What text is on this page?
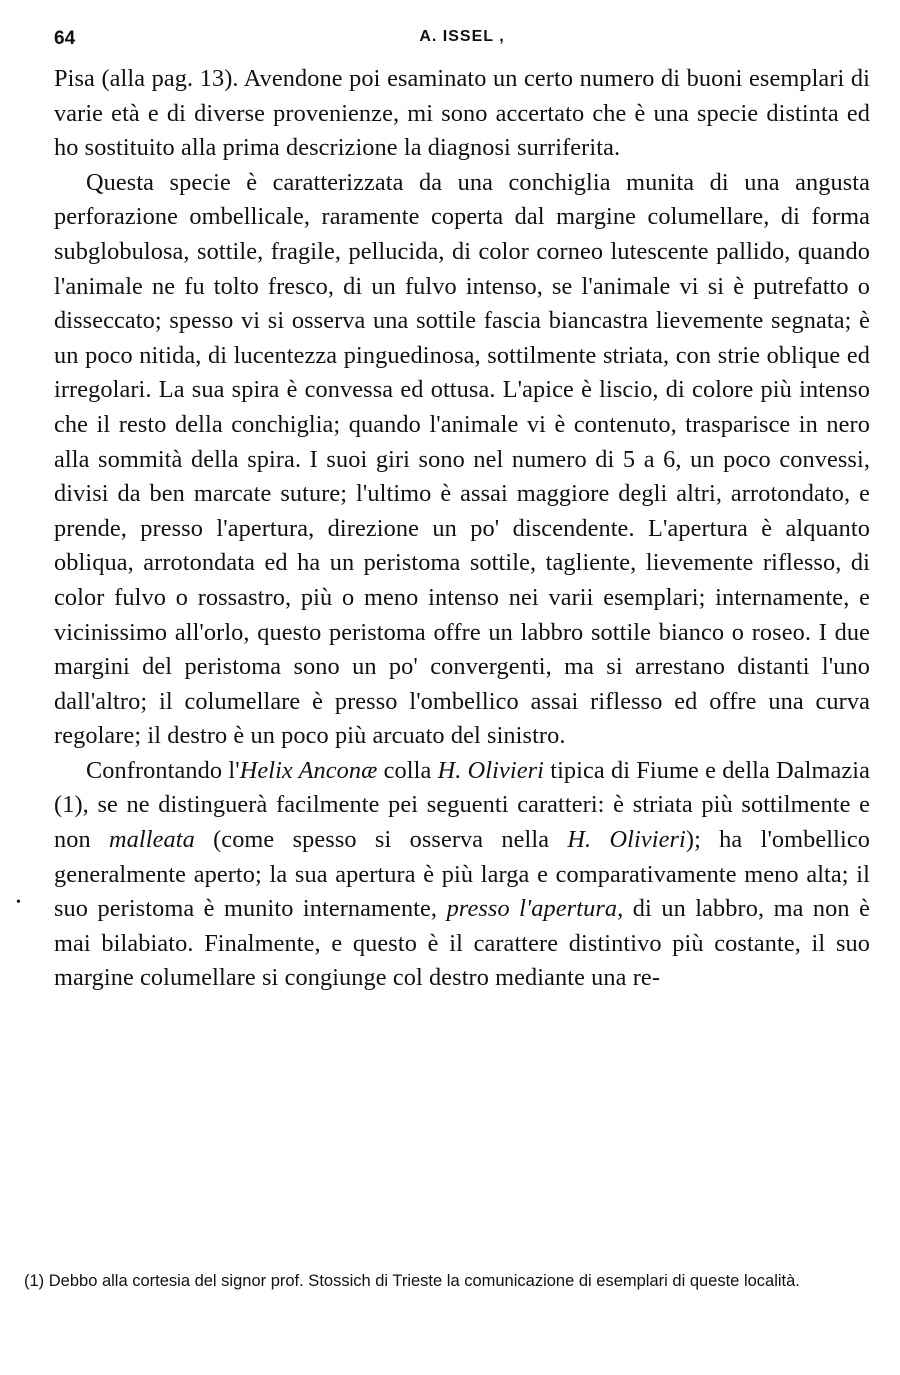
64	A. ISSEL ,

Pisa (alla pag. 13). Avendone poi esaminato un certo numero di buoni esemplari di varie età e di diverse provenienze, mi sono accertato che è una specie distinta ed ho sostituito alla prima descrizione la diagnosi surriferita.

Questa specie è caratterizzata da una conchiglia munita di una angusta perforazione ombellicale, raramente coperta dal margine columellare, di forma subglobulosa, sottile, fragile, pellucida, di color corneo lutescente pallido, quando l'animale ne fu tolto fresco, di un fulvo intenso, se l'animale vi si è putrefatto o disseccato; spesso vi si osserva una sottile fascia biancastra lievemente segnata; è un poco nitida, di lucentezza pinguedinosa, sottilmente striata, con strie oblique ed irregolari. La sua spira è convessa ed ottusa. L'apice è liscio, di colore più intenso che il resto della conchiglia; quando l'animale vi è contenuto, trasparisce in nero alla sommità della spira. I suoi giri sono nel numero di 5 a 6, un poco convessi, divisi da ben marcate suture; l'ultimo è assai maggiore degli altri, arrotondato, e prende, presso l'apertura, direzione un po' discendente. L'apertura è alquanto obliqua, arrotondata ed ha un peristoma sottile, tagliente, lievemente riflesso, di color fulvo o rossastro, più o meno intenso nei varii esemplari; internamente, e vicinissimo all'orlo, questo peristoma offre un labbro sottile bianco o roseo. I due margini del peristoma sono un po' convergenti, ma si arrestano distanti l'uno dall'altro; il columellare è presso l'ombellico assai riflesso ed offre una curva regolare; il destro è un poco più arcuato del sinistro.

Confrontando l'Helix Anconæ colla H. Olivieri tipica di Fiume e della Dalmazia (1), se ne distinguerà facilmente pei seguenti caratteri: è striata più sottilmente e non malleata (come spesso si osserva nella H. Olivieri); ha l'ombellico generalmente aperto; la sua apertura è più larga e comparativamente meno alta; il suo peristoma è munito internamente, presso l'apertura, di un labbro, ma non è mai bilabiato. Finalmente, e questo è il carattere distintivo più costante, il suo margine columellare si congiunge col destro mediante una re-

•
(1) Debbo alla cortesia del signor prof. Stossich di Trieste la comunicazione di esemplari di queste località.
